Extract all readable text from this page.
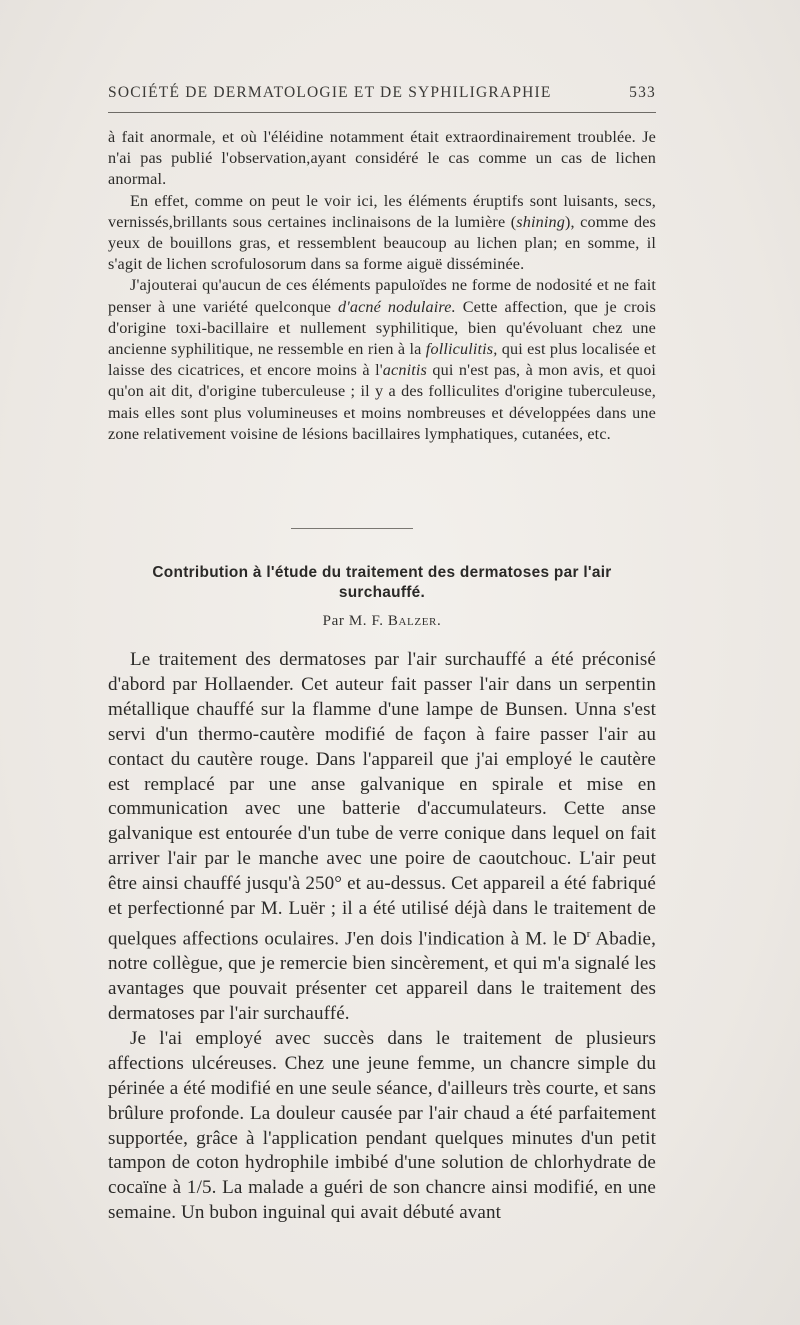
SOCIÉTÉ DE DERMATOLOGIE ET DE SYPHILIGRAPHIE	533

à fait anormale, et où l'éléidine notamment était extraordinairement troublée. Je n'ai pas publié l'observation,ayant considéré le cas comme un cas de lichen anormal.

En effet, comme on peut le voir ici, les éléments éruptifs sont luisants, secs, vernissés,brillants sous certaines inclinaisons de la lumière (shining), comme des yeux de bouillons gras, et ressemblent beaucoup au lichen plan; en somme, il s'agit de lichen scrofulosorum dans sa forme aiguë disséminée.

J'ajouterai qu'aucun de ces éléments papuloïdes ne forme de nodosité et ne fait penser à une variété quelconque d'acné nodulaire. Cette affection, que je crois d'origine toxi-bacillaire et nullement syphilitique, bien qu'évoluant chez une ancienne syphilitique, ne ressemble en rien à la folliculitis, qui est plus localisée et laisse des cicatrices, et encore moins à l'acnitis qui n'est pas, à mon avis, et quoi qu'on ait dit, d'origine tuberculeuse ; il y a des folliculites d'origine tuberculeuse, mais elles sont plus volumineuses et moins nombreuses et développées dans une zone relativement voisine de lésions bacillaires lymphatiques, cutanées, etc.

Contribution à l'étude du traitement des dermatoses par l'air surchauffé.
Par M. F. Balzer.

Le traitement des dermatoses par l'air surchauffé a été préconisé d'abord par Hollaender. Cet auteur fait passer l'air dans un serpentin métallique chauffé sur la flamme d'une lampe de Bunsen. Unna s'est servi d'un thermo-cautère modifié de façon à faire passer l'air au contact du cautère rouge. Dans l'appareil que j'ai employé le cautère est remplacé par une anse galvanique en spirale et mise en communication avec une batterie d'accumulateurs. Cette anse galvanique est entourée d'un tube de verre conique dans lequel on fait arriver l'air par le manche avec une poire de caoutchouc. L'air peut être ainsi chauffé jusqu'à 250° et au-dessus. Cet appareil a été fabriqué et perfectionné par M. Luër ; il a été utilisé déjà dans le traitement de quelques affections oculaires. J'en dois l'indication à M. le $D^r$ Abadie, notre collègue, que je remercie bien sincèrement, et qui m'a signalé les avantages que pouvait présenter cet appareil dans le traitement des dermatoses par l'air surchauffé.

Je l'ai employé avec succès dans le traitement de plusieurs affections ulcéreuses. Chez une jeune femme, un chancre simple du périnée a été modifié en une seule séance, d'ailleurs très courte, et sans brûlure profonde. La douleur causée par l'air chaud a été parfaitement supportée, grâce à l'application pendant quelques minutes d'un petit tampon de coton hydrophile imbibé d'une solution de chlorhydrate de cocaïne à 1/5. La malade a guéri de son chancre ainsi modifié, en une semaine. Un bubon inguinal qui avait débuté avant
